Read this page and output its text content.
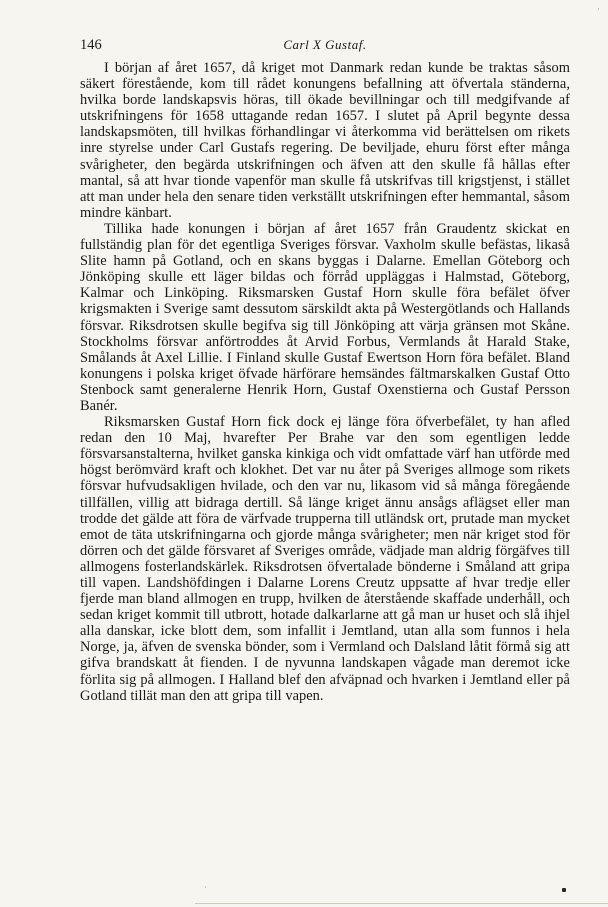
146	Carl X Gustaf.

I början af året 1657, då kriget mot Danmark redan kunde be traktas såsom säkert förestående, kom till rådet konungens befallning att öfvertala ständerna, hvilka borde landskapsvis höras, till ökade bevillningar och till medgifvande af utskrifningens för 1658 uttagande redan 1657. I slutet på April begynte dessa landskapsmöten, till hvilkas förhandlingar vi återkomma vid berättelsen om rikets inre styrelse under Carl Gustafs regering. De beviljade, ehuru först efter många svårigheter, den begärda utskrifningen och äfven att den skulle få hållas efter mantal, så att hvar tionde vapenför man skulle få utskrifvas till krigstjenst, i stället att man under hela den senare tiden verkställt utskrifningen efter hemmantal, såsom mindre känbart.

Tillika hade konungen i början af året 1657 från Graudentz skickat en fullständig plan för det egentliga Sveriges försvar. Vaxholm skulle befästas, likaså Slite hamn på Gotland, och en skans byggas i Dalarne. Emellan Göteborg och Jönköping skulle ett läger bildas och förråd uppläggas i Halmstad, Göteborg, Kalmar och Linköping. Riksmarsken Gustaf Horn skulle föra befälet öfver krigsmakten i Sverige samt dessutom särskildt akta på Westergötlands och Hallands försvar. Riksdrotsen skulle begifva sig till Jönköping att värja gränsen mot Skåne. Stockholms försvar anförtroddes åt Arvid Forbus, Vermlands åt Harald Stake, Smålands åt Axel Lillie. I Finland skulle Gustaf Ewertson Horn föra befälet. Bland konungens i polska kriget öfvade härförare hemsändes fältmarskalken Gustaf Otto Stenbock samt generalerne Henrik Horn, Gustaf Oxenstierna och Gustaf Persson Banér.

Riksmarsken Gustaf Horn fick dock ej länge föra öfverbefälet, ty han afled redan den 10 Maj, hvarefter Per Brahe var den som egentligen ledde försvarsanstalterna, hvilket ganska kinkiga och vidt omfattade värf han utförde med högst berömvärd kraft och klokhet. Det var nu åter på Sveriges allmoge som rikets försvar hufvudsakligen hvilade, och den var nu, likasom vid så många föregående tillfällen, villig att bidraga dertill. Så länge kriget ännu ansågs aflägset eller man trodde det gälde att föra de värfvade trupperna till utländsk ort, prutade man mycket emot de täta utskrifningarna och gjorde många svårigheter; men när kriget stod för dörren och det gälde försvaret af Sveriges område, vädjade man aldrig förgäfves till allmogens fosterlandskärlek. Riksdrotsen öfvertalade bönderne i Småland att gripa till vapen. Landshöfdingen i Dalarne Lorens Creutz uppsatte af hvar tredje eller fjerde man bland allmogen en trupp, hvilken de återstående skaffade underhåll, och sedan kriget kommit till utbrott, hotade dalkarlarne att gå man ur huset och slå ihjel alla danskar, icke blott dem, som infallit i Jemtland, utan alla som funnos i hela Norge, ja, äfven de svenska bönder, som i Vermland och Dalsland låtit förmå sig att gifva brandskatt åt fienden. I de nyvunna landskapen vågade man deremot icke förlita sig på allmogen. I Halland blef den afväpnad och hvarken i Jemtland eller på Gotland tillät man den att gripa till vapen.

·
·
